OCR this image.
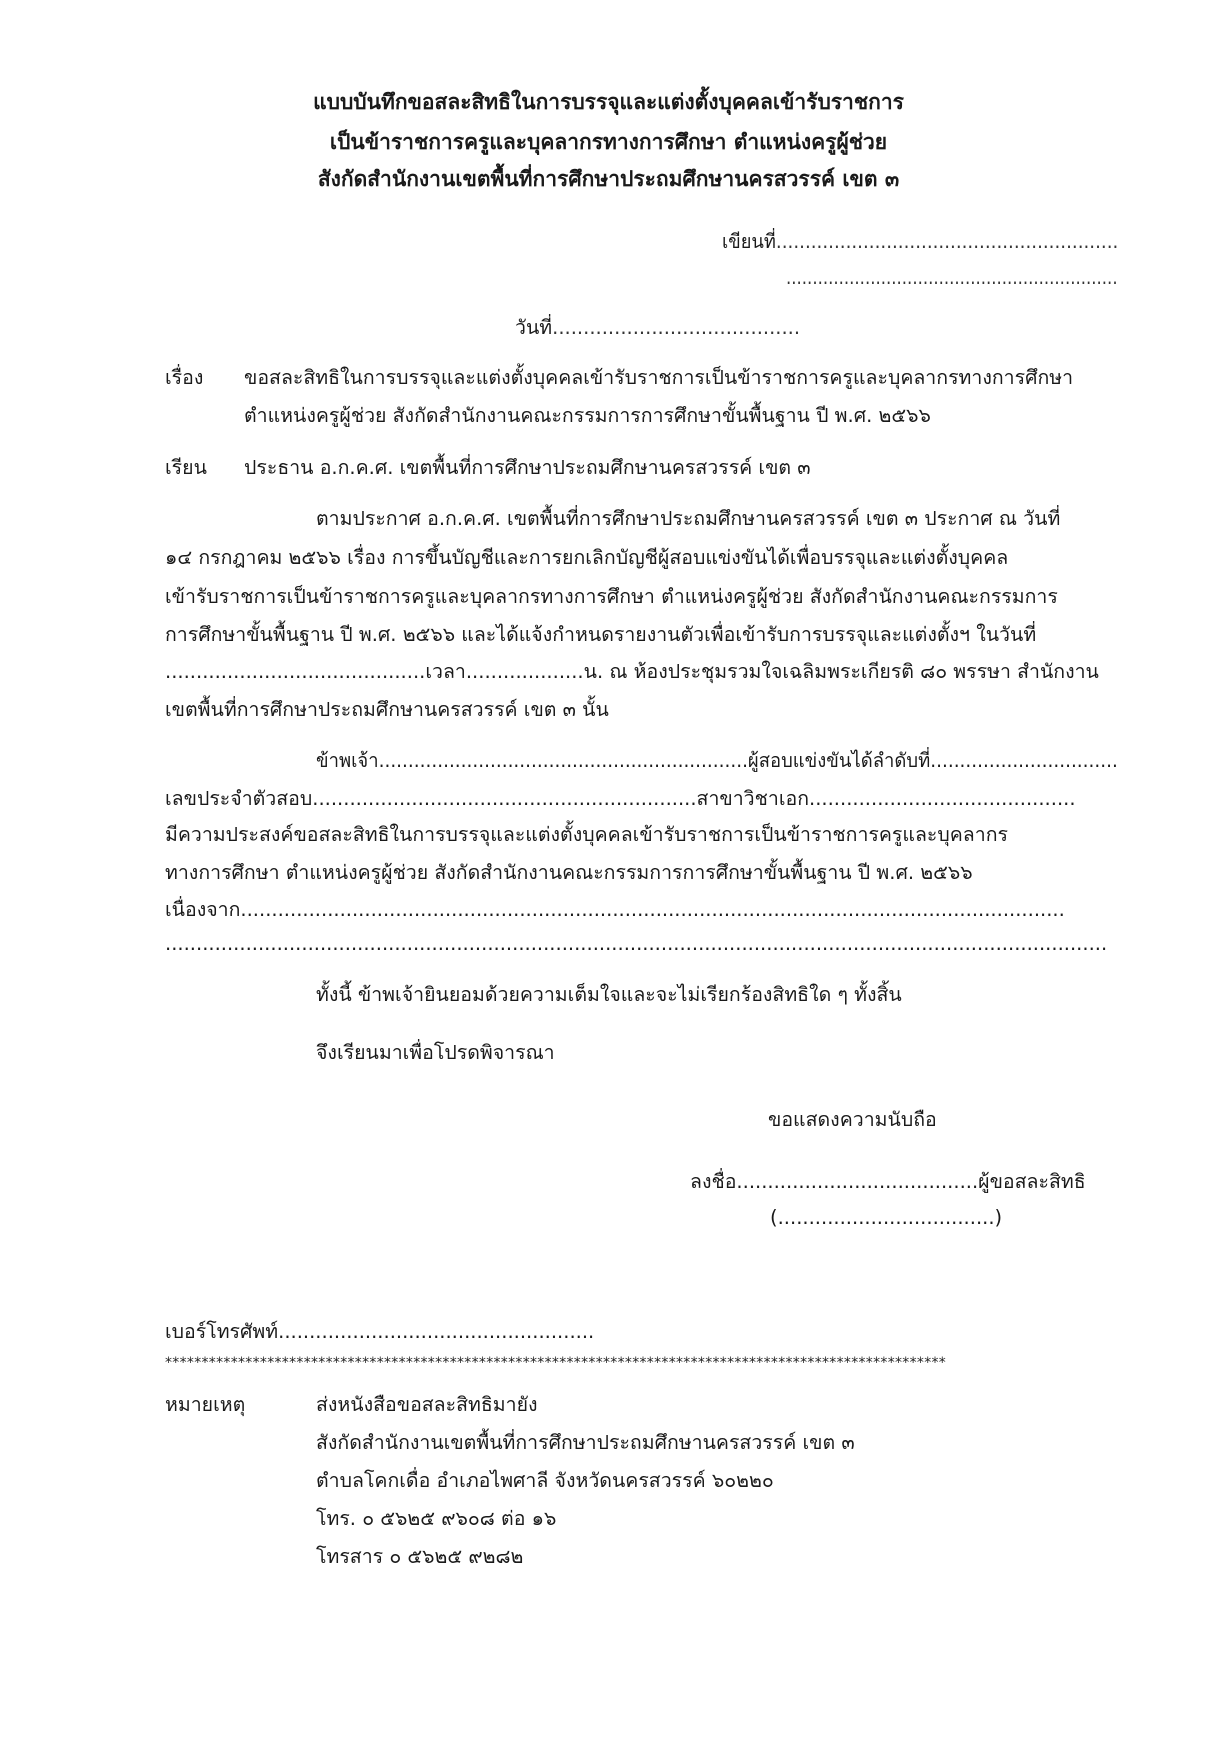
แบบบันทึกขอสละสิทธิในการบรรจุและแต่งตั้งบุคคลเข้ารับราชการ
เป็นข้าราชการครูและบุคลากรทางการศึกษา ตำแหน่งครูผู้ช่วย
สังกัดสำนักงานเขตพื้นที่การศึกษาประถมศึกษานครสวรรค์ เขต ๓
เขียนที่...........................................................
...............................................................
วันที่........................................
เรื่อง ขอสละสิทธิในการบรรจุและแต่งตั้งบุคคลเข้ารับราชการเป็นข้าราชการครูและบุคลากรทางการศึกษา
ตำแหน่งครูผู้ช่วย สังกัดสำนักงานคณะกรรมการการศึกษาขั้นพื้นฐาน ปี พ.ศ. ๒๕๖๖
เรียน ประธาน อ.ก.ค.ศ. เขตพื้นที่การศึกษาประถมศึกษานครสวรรค์ เขต ๓
ตามประกาศ อ.ก.ค.ศ. เขตพื้นที่การศึกษาประถมศึกษานครสวรรค์ เขต ๓ ประกาศ ณ วันที่
๑๔ กรกฎาคม ๒๕๖๖ เรื่อง การขึ้นบัญชีและการยกเลิกบัญชีผู้สอบแข่งขันได้เพื่อบรรจุและแต่งตั้งบุคคล
เข้ารับราชการเป็นข้าราชการครูและบุคลากรทางการศึกษา ตำแหน่งครูผู้ช่วย สังกัดสำนักงานคณะกรรมการ
การศึกษาขั้นพื้นฐาน ปี พ.ศ. ๒๕๖๖ และได้แจ้งกำหนดรายงานตัวเพื่อเข้ารับการบรรจุและแต่งตั้งฯ ในวันที่
..........................................เวลา...................น. ณ ห้องประชุมรวมใจเฉลิมพระเกียรติ ๘๐ พรรษา สำนักงาน
เขตพื้นที่การศึกษาประถมศึกษานครสวรรค์ เขต ๓ นั้น
ข้าพเจ้า...............................................................ผู้สอบแข่งขันได้ลำดับที่................................
เลขประจำตัวสอบ..............................................................สาขาวิชาเอก...........................................
มีความประสงค์ขอสละสิทธิในการบรรจุและแต่งตั้งบุคคลเข้ารับราชการเป็นข้าราชการครูและบุคลากร
ทางการศึกษา ตำแหน่งครูผู้ช่วย สังกัดสำนักงานคณะกรรมการการศึกษาขั้นพื้นฐาน ปี พ.ศ. ๒๕๖๖
เนื่องจาก.....................................................................................................................................
........................................................................................................................................................
ทั้งนี้ ข้าพเจ้ายินยอมด้วยความเต็มใจและจะไม่เรียกร้องสิทธิใด ๆ ทั้งสิ้น
จึงเรียนมาเพื่อโปรดพิจารณา
ขอแสดงความนับถือ
ลงชื่อ.......................................ผู้ขอสละสิทธิ
(...................................)
เบอร์โทรศัพท์...................................................
***********************************************************************************************************
หมายเหตุ	ส่งหนังสือขอสละสิทธิมายัง
สังกัดสำนักงานเขตพื้นที่การศึกษาประถมศึกษานครสวรรค์ เขต ๓
ตำบลโคกเดื่อ อำเภอไพศาลี จังหวัดนครสวรรค์ ๖๐๒๒๐
โทร. ๐ ๕๖๒๕ ๙๖๐๘ ต่อ ๑๖
โทรสาร ๐ ๕๖๒๕ ๙๒๘๒
